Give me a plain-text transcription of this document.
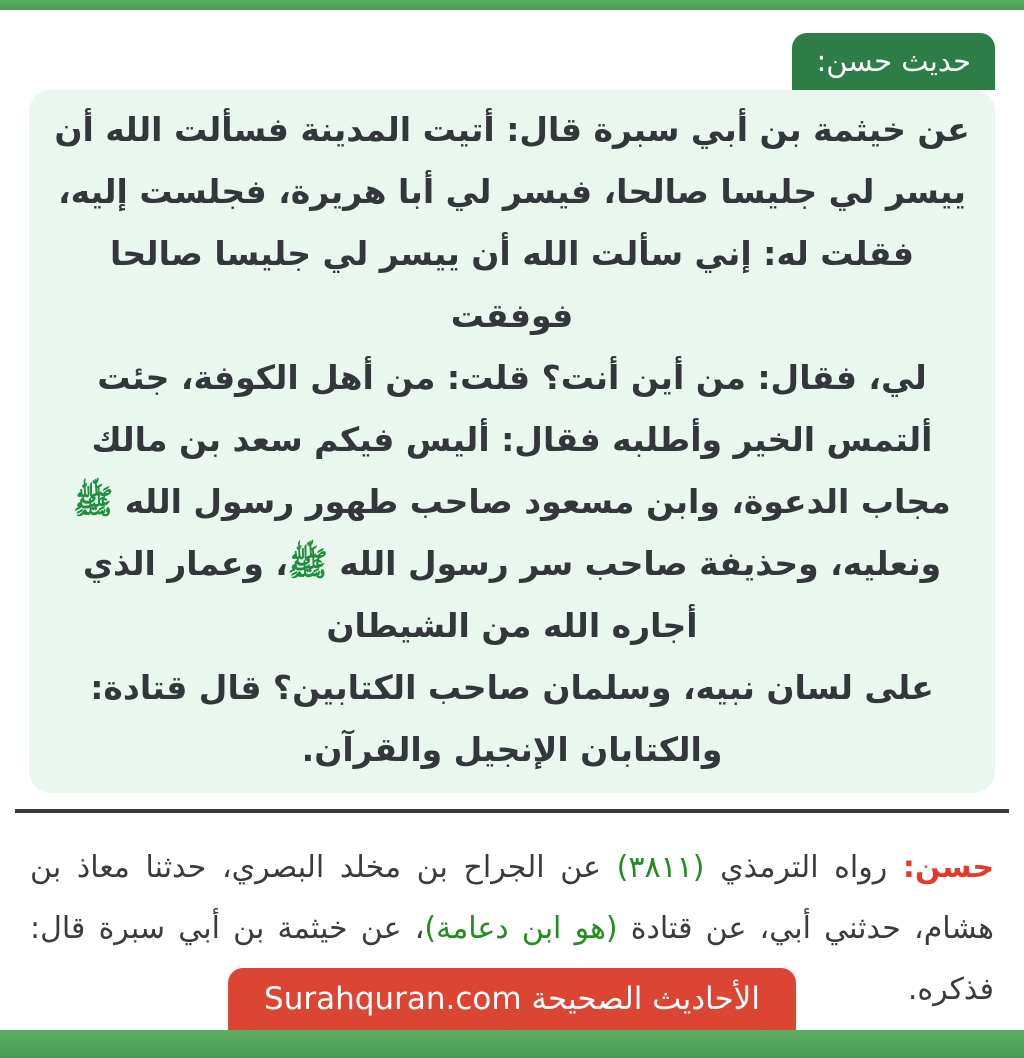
حديث حسن:
عن خيثمة بن أبي سبرة قال: أتيت المدينة فسألت الله أن
ييسر لي جليسا صالحا، فيسر لي أبا هريرة، فجلست إليه،
فقلت له: إني سألت الله أن ييسر لي جليسا صالحا فوفقت
لي، فقال: من أين أنت؟ قلت: من أهل الكوفة، جئت
ألتمس الخير وأطلبه فقال: أليس فيكم سعد بن مالك
مجاب الدعوة، وابن مسعود صاحب طهور رسول الله ﷺ
ونعليه، وحذيفة صاحب سر رسول الله ﷺ، وعمار الذي
أجاره الله من الشيطان
على لسان نبيه، وسلمان صاحب الكتابين؟ قال قتادة:
والكتابان الإنجيل والقرآن.

حسن: رواه الترمذي (٣٨١١) عن الجراح بن مخلد البصري، حدثنا معاذ بن هشام، حدثني أبي، عن قتادة (هو ابن دعامة)، عن خيثمة بن أبي سبرة قال: فذكره.

الأحاديث الصحيحة Surahquran.com
